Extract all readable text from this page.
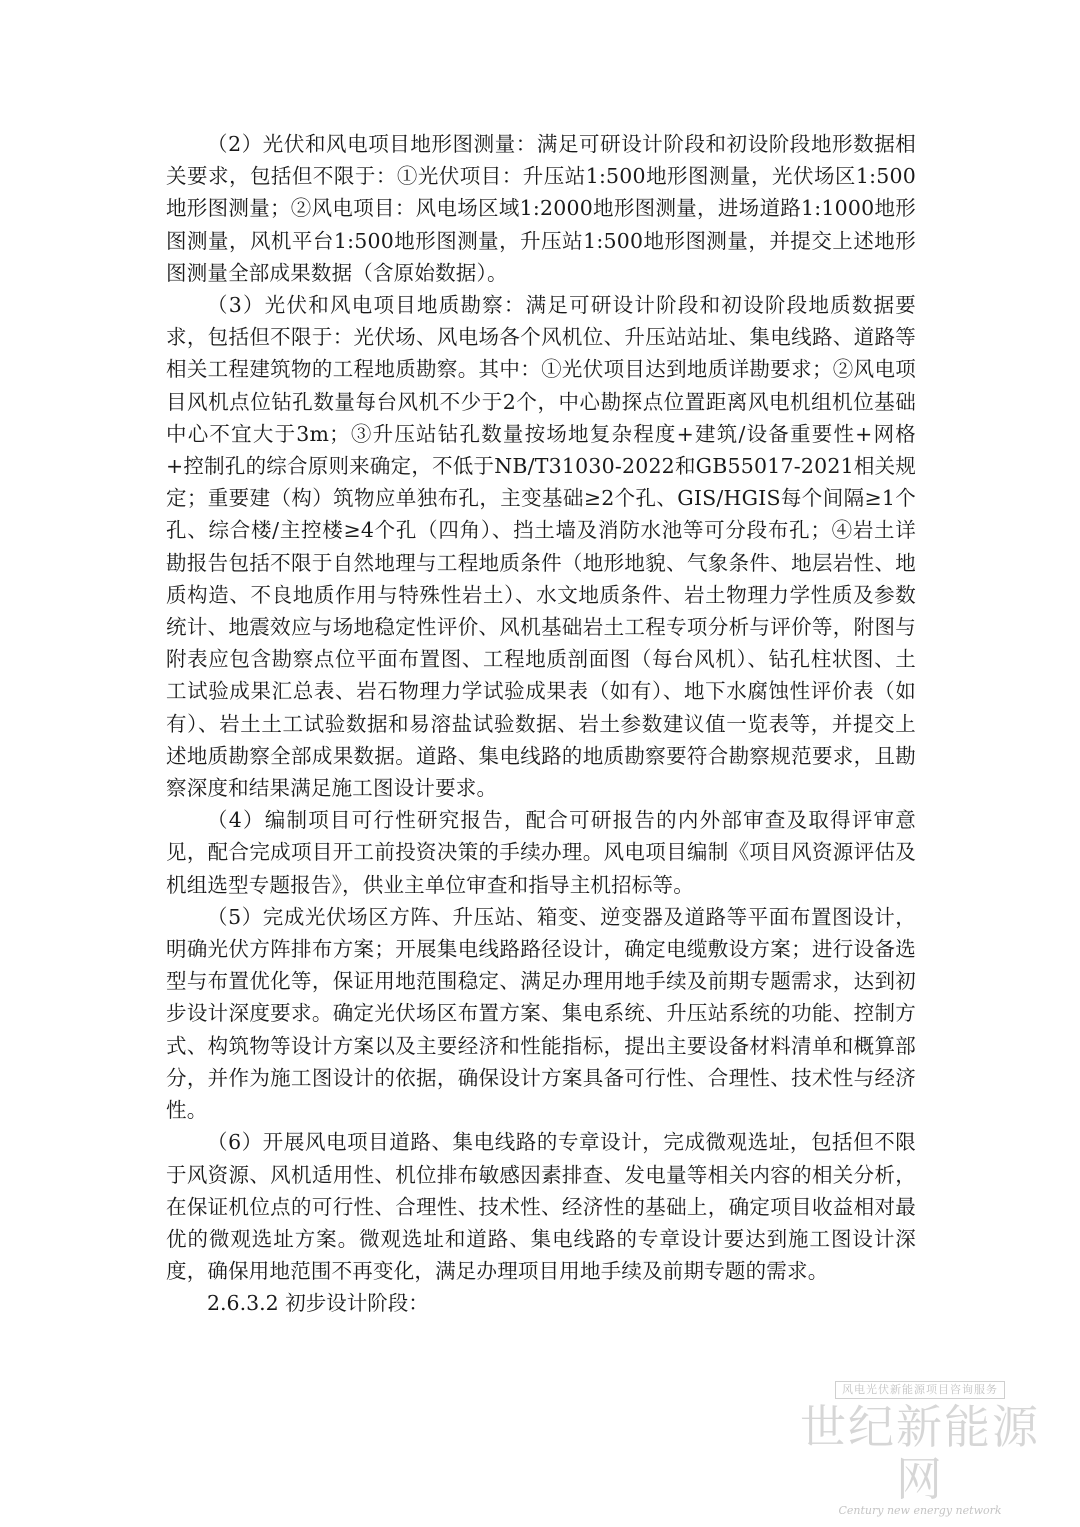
（2）光伏和风电项目地形图测量：满足可研设计阶段和初设阶段地形数据相关要求，包括但不限于：①光伏项目：升压站1:500地形图测量，光伏场区1:500地形图测量；②风电项目：风电场区域1:2000地形图测量，进场道路1:1000地形图测量，风机平台1:500地形图测量，升压站1:500地形图测量，并提交上述地形图测量全部成果数据（含原始数据）。

（3）光伏和风电项目地质勘察：满足可研设计阶段和初设阶段地质数据要求，包括但不限于：光伏场、风电场各个风机位、升压站站址、集电线路、道路等相关工程建筑物的工程地质勘察。其中：①光伏项目达到地质详勘要求；②风电项目风机点位钻孔数量每台风机不少于2个，中心勘探点位置距离风电机组机位基础中心不宜大于3m；③升压站钻孔数量按场地复杂程度+建筑/设备重要性+网格+控制孔的综合原则来确定，不低于NB/T31030-2022和GB55017-2021相关规定；重要建（构）筑物应单独布孔，主变基础≥2个孔、GIS/HGIS每个间隔≥1个孔、综合楼/主控楼≥4个孔（四角）、挡土墙及消防水池等可分段布孔；④岩土详勘报告包括不限于自然地理与工程地质条件（地形地貌、气象条件、地层岩性、地质构造、不良地质作用与特殊性岩土）、水文地质条件、岩土物理力学性质及参数统计、地震效应与场地稳定性评价、风机基础岩土工程专项分析与评价等，附图与附表应包含勘察点位平面布置图、工程地质剖面图（每台风机）、钻孔柱状图、土工试验成果汇总表、岩石物理力学试验成果表（如有）、地下水腐蚀性评价表（如有）、岩土土工试验数据和易溶盐试验数据、岩土参数建议值一览表等，并提交上述地质勘察全部成果数据。道路、集电线路的地质勘察要符合勘察规范要求，且勘察深度和结果满足施工图设计要求。

（4）编制项目可行性研究报告，配合可研报告的内外部审查及取得评审意见，配合完成项目开工前投资决策的手续办理。风电项目编制《项目风资源评估及机组选型专题报告》，供业主单位审查和指导主机招标等。

（5）完成光伏场区方阵、升压站、箱变、逆变器及道路等平面布置图设计，明确光伏方阵排布方案；开展集电线路路径设计，确定电缆敷设方案；进行设备选型与布置优化等，保证用地范围稳定、满足办理用地手续及前期专题需求，达到初步设计深度要求。确定光伏场区布置方案、集电系统、升压站系统的功能、控制方式、构筑物等设计方案以及主要经济和性能指标，提出主要设备材料清单和概算部分，并作为施工图设计的依据，确保设计方案具备可行性、合理性、技术性与经济性。

（6）开展风电项目道路、集电线路的专章设计，完成微观选址，包括但不限于风资源、风机适用性、机位排布敏感因素排查、发电量等相关内容的相关分析，在保证机位点的可行性、合理性、技术性、经济性的基础上，确定项目收益相对最优的微观选址方案。微观选址和道路、集电线路的专章设计要达到施工图设计深度，确保用地范围不再变化，满足办理项目用地手续及前期专题的需求。

2.6.3.2 初步设计阶段：

风电光伏新能源项目咨询服务
世纪新能源网
Century new energy network
